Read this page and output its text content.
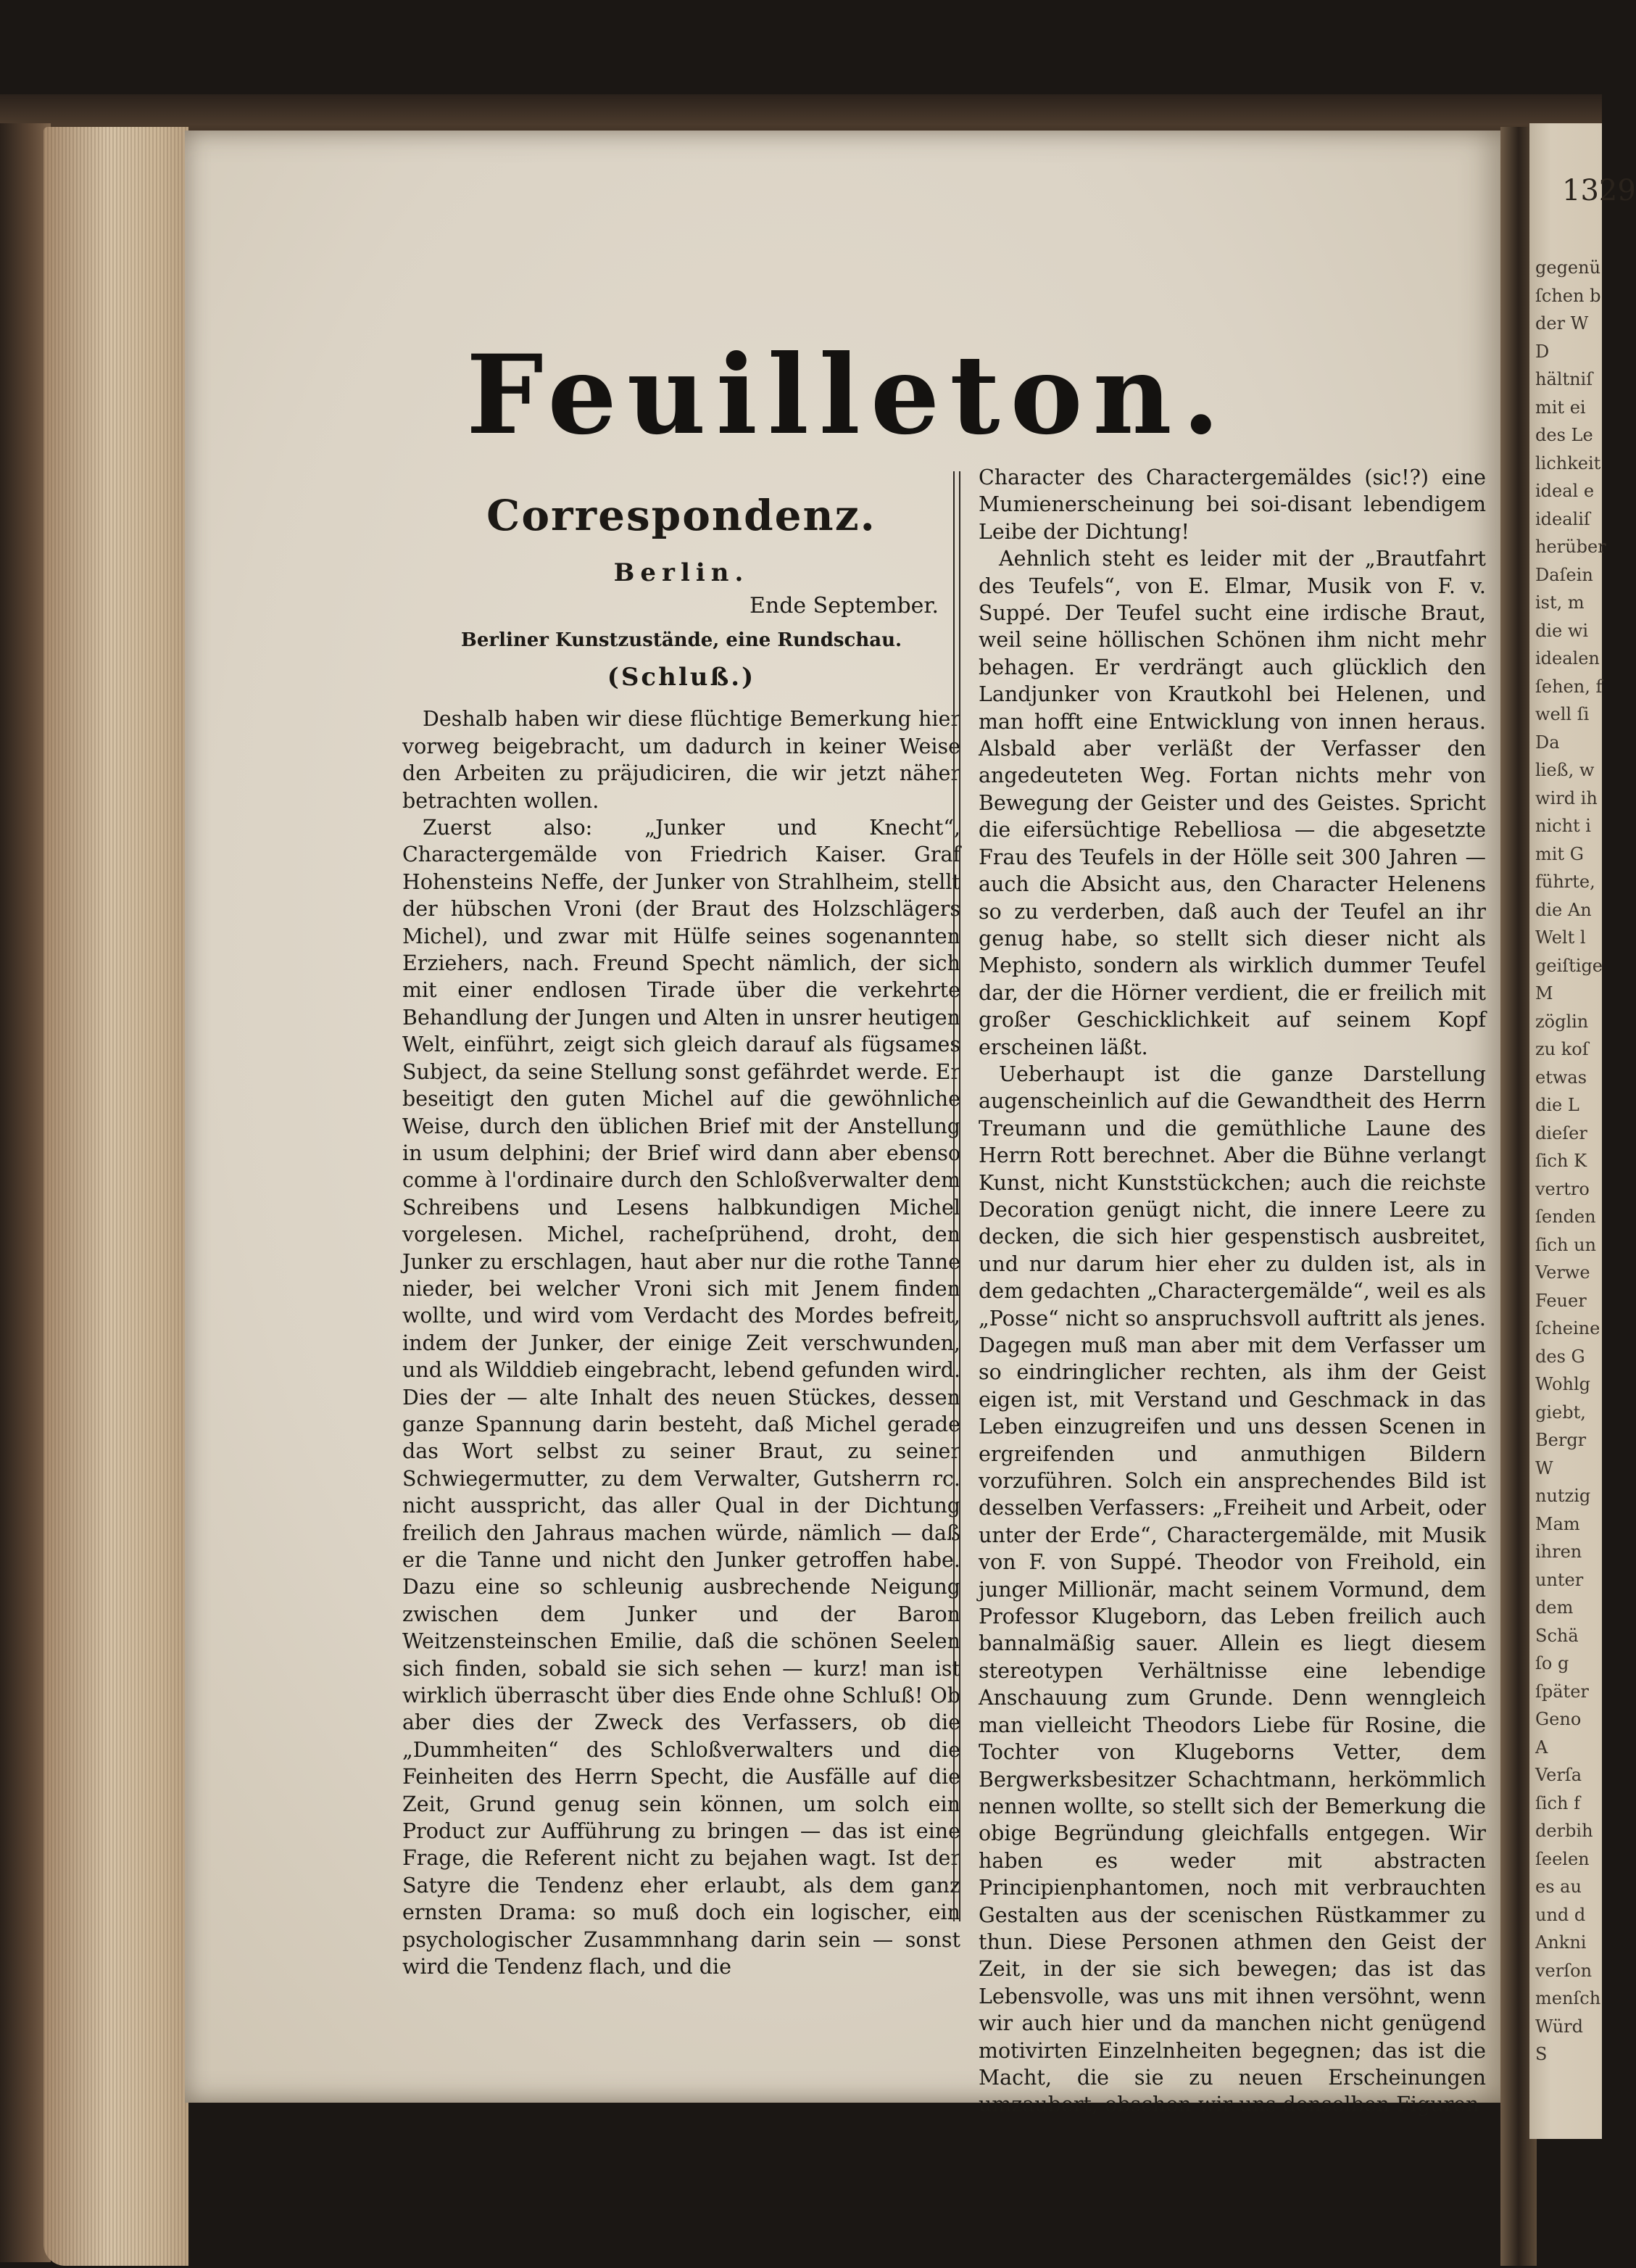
1329
gegenü
ſchen b
der W
D
hältniſ
mit ei
des Le
lichkeit
ideal e
idealiſ
herüber
Daſein
ist, m
die wi
idealen
ſehen, f
well ſi
Da
ließ, w
wird ih
nicht i
mit G
führte,
die An
Welt l
geiſtige
M
zöglin
zu koſ
etwas
die L
dieſer
ſich K
vertro
ſenden
ſich un
Verwe
Feuer
ſcheine
des G
Wohlg
giebt,
Bergr
W
nutzig
Mam
ihren
unter
dem
Schä
ſo g
ſpäter
Geno
A
Verſa
ſich f
derbih
ſeelen
es au
und d
Ankni
verſon
menſch
Würd
S
Feuilleton.
Correspondenz.
Berlin.
Ende September.
Berliner Kunstzustände, eine Rundschau.
(Schluß.)

Deshalb haben wir diese flüchtige Bemerkung hier vorweg beigebracht, um dadurch in keiner Weise den Arbeiten zu präjudiciren, die wir jetzt näher betrachten wollen.

Zuerst also: „Junker und Knecht“, Charactergemälde von Friedrich Kaiser. Graf Hohensteins Neffe, der Junker von Strahlheim, stellt der hübschen Vroni (der Braut des Holzschlägers Michel), und zwar mit Hülfe seines sogenannten Erziehers, nach. Freund Specht nämlich, der sich mit einer endlosen Tirade über die verkehrte Behandlung der Jungen und Alten in unsrer heutigen Welt, einführt, zeigt sich gleich darauf als fügsames Subject, da seine Stellung sonst gefährdet werde. Er beseitigt den guten Michel auf die gewöhnliche Weise, durch den üblichen Brief mit der Anstellung in usum delphini; der Brief wird dann aber ebenso comme à l'ordinaire durch den Schloßverwalter dem Schreibens und Lesens halbkundigen Michel vorgelesen. Michel, racheſprühend, droht, den Junker zu erschlagen, haut aber nur die rothe Tanne nieder, bei welcher Vroni sich mit Jenem finden wollte, und wird vom Verdacht des Mordes befreit, indem der Junker, der einige Zeit verschwunden, und als Wilddieb eingebracht, lebend gefunden wird. Dies der — alte Inhalt des neuen Stückes, dessen ganze Spannung darin besteht, daß Michel gerade das Wort selbst zu seiner Braut, zu seiner Schwiegermutter, zu dem Verwalter, Gutsherrn rc. nicht ausspricht, das aller Qual in der Dichtung freilich den Jahraus machen würde, nämlich — daß er die Tanne und nicht den Junker getroffen habe. Dazu eine so schleunig ausbrechende Neigung zwischen dem Junker und der Baron Weitzensteinschen Emilie, daß die schönen Seelen sich finden, sobald sie sich sehen — kurz! man ist wirklich überrascht über dies Ende ohne Schluß! Ob aber dies der Zweck des Verfassers, ob die „Dummheiten“ des Schloßverwalters und die Feinheiten des Herrn Specht, die Ausfälle auf die Zeit, Grund genug sein können, um solch ein Product zur Aufführung zu bringen — das ist eine Frage, die Referent nicht zu bejahen wagt. Ist der Satyre die Tendenz eher erlaubt, als dem ganz ernsten Drama: so muß doch ein logischer, ein psychologischer Zusammnhang darin sein — sonst wird die Tendenz flach, und die

Character des Charactergemäldes (sic!?) eine Mumienerscheinung bei soi-disant lebendigem Leibe der Dichtung!

Aehnlich steht es leider mit der „Brautfahrt des Teufels“, von E. Elmar, Musik von F. v. Suppé. Der Teufel sucht eine irdische Braut, weil seine höllischen Schönen ihm nicht mehr behagen. Er verdrängt auch glücklich den Landjunker von Krautkohl bei Helenen, und man hofft eine Entwicklung von innen heraus. Alsbald aber verläßt der Verfasser den angedeuteten Weg. Fortan nichts mehr von Bewegung der Geister und des Geistes. Spricht die eifersüchtige Rebelliosa — die abgesetzte Frau des Teufels in der Hölle seit 300 Jahren — auch die Absicht aus, den Character Helenens so zu verderben, daß auch der Teufel an ihr genug habe, so stellt sich dieser nicht als Mephisto, sondern als wirklich dummer Teufel dar, der die Hörner verdient, die er freilich mit großer Geschicklichkeit auf seinem Kopf erscheinen läßt.

Ueberhaupt ist die ganze Darstellung augenscheinlich auf die Gewandtheit des Herrn Treumann und die gemüthliche Laune des Herrn Rott berechnet. Aber die Bühne verlangt Kunst, nicht Kunststückchen; auch die reichste Decoration genügt nicht, die innere Leere zu decken, die sich hier gespenstisch ausbreitet, und nur darum hier eher zu dulden ist, als in dem gedachten „Charactergemälde“, weil es als „Posse“ nicht so anspruchsvoll auftritt als jenes. Dagegen muß man aber mit dem Verfasser um so eindringlicher rechten, als ihm der Geist eigen ist, mit Verstand und Geschmack in das Leben einzugreifen und uns dessen Scenen in ergreifenden und anmuthigen Bildern vorzuführen. Solch ein ansprechendes Bild ist desselben Verfassers: „Freiheit und Arbeit, oder unter der Erde“, Charactergemälde, mit Musik von F. von Suppé. Theodor von Freihold, ein junger Millionär, macht seinem Vormund, dem Professor Klugeborn, das Leben freilich auch bannalmäßig sauer. Allein es liegt diesem stereotypen Verhältnisse eine lebendige Anschauung zum Grunde. Denn wenngleich man vielleicht Theodors Liebe für Rosine, die Tochter von Klugeborns Vetter, dem Bergwerksbesitzer Schachtmann, herkömmlich nennen wollte, so stellt sich der Bemerkung die obige Begründung gleichfalls entgegen. Wir haben es weder mit abstracten Principienphantomen, noch mit verbrauchten Gestalten aus der scenischen Rüstkammer zu thun. Diese Personen athmen den Geist der Zeit, in der sie sich bewegen; das ist das Lebensvolle, was uns mit ihnen versöhnt, wenn wir auch hier und da manchen nicht genügend motivirten Einzelnheiten begegnen; das ist die Macht, die sie zu neuen Erscheinungen umzaubert, obschon wir uns denselben Figuren
